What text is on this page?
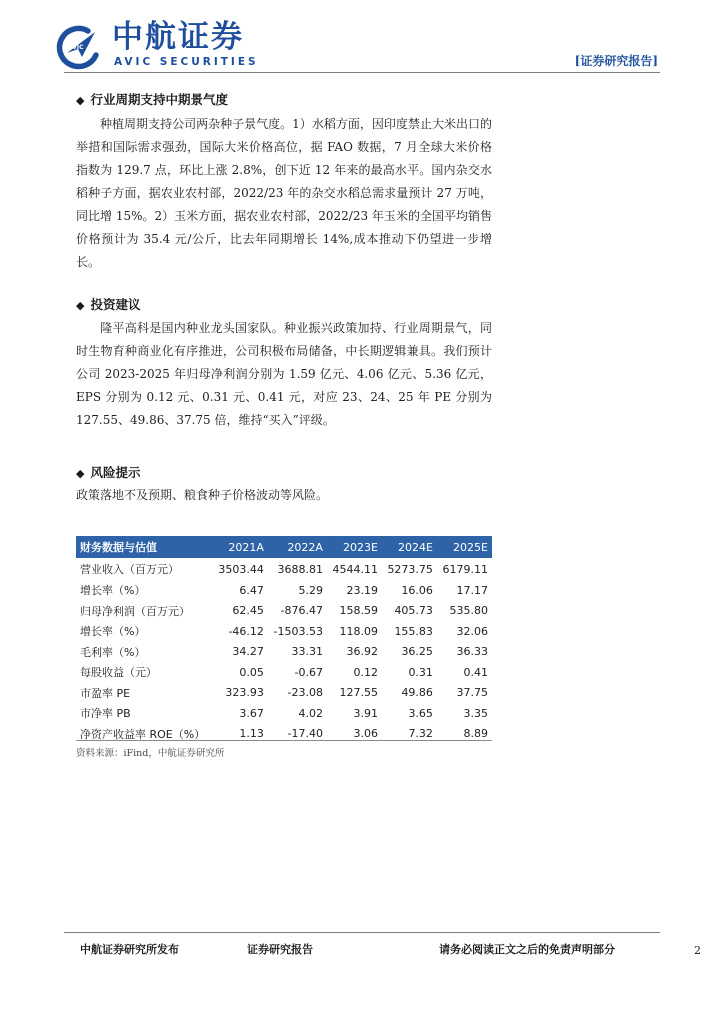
AVIC 中航证券
AVIC SECURITIES	[证券研究报告]
◆ 行业周期支持中期景气度
种植周期支持公司两杂种子景气度。1）水稻方面，因印度禁止大米出口的举措和国际需求强劲，国际大米价格高位，据 FAO 数据，7 月全球大米价格指数为 129.7 点，环比上涨 2.8%，创下近 12 年来的最高水平。国内杂交水稻种子方面，据农业农村部，2022/23 年的杂交水稻总需求量预计 27 万吨，同比增 15%。2）玉米方面，据农业农村部，2022/23 年玉米的全国平均销售价格预计为 35.4 元/公斤，比去年同期增长 14%,成本推动下仍望进一步增长。
◆ 投资建议
隆平高科是国内种业龙头国家队。种业振兴政策加持、行业周期景气，同时生物育种商业化有序推进，公司积极布局储备，中长期逻辑兼具。我们预计公司 2023-2025 年归母净利润分别为 1.59 亿元、4.06 亿元、5.36 亿元，EPS 分别为 0.12 元、0.31 元、0.41 元，对应 23、24、25 年 PE 分别为 127.55、49.86、37.75 倍，维持“买入”评级。
◆ 风险提示
政策落地不及预期、粮食种子价格波动等风险。
财务数据与估值	2021A	2022A	2023E	2024E	2025E
营业收入（百万元）	3503.44	3688.81	4544.11	5273.75	6179.11
增长率（%）	6.47	5.29	23.19	16.06	17.17
归母净利润（百万元）	62.45	-876.47	158.59	405.73	535.80
增长率（%）	-46.12	-1503.53	118.09	155.83	32.06
毛利率（%）	34.27	33.31	36.92	36.25	36.33
每股收益（元）	0.05	-0.67	0.12	0.31	0.41
市盈率 PE	323.93	-23.08	127.55	49.86	37.75
市净率 PB	3.67	4.02	3.91	3.65	3.35
净资产收益率 ROE（%）	1.13	-17.40	3.06	7.32	8.89
资料来源：iFind，中航证券研究所
中航证券研究所发布	证券研究报告	请务必阅读正文之后的免责声明部分	2
